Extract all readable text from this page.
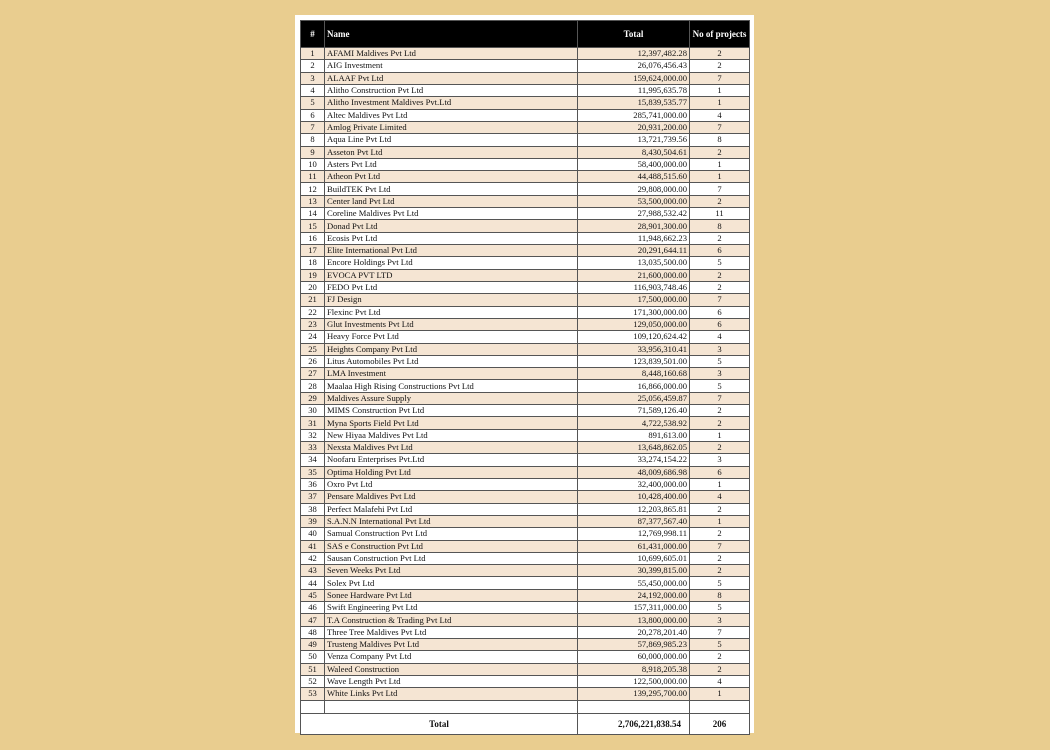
#	Name	Total	No of projects
1	AFAMI Maldives Pvt Ltd	12,397,482.28	2
2	AIG Investment	26,076,456.43	2
3	ALAAF Pvt Ltd	159,624,000.00	7
4	Alitho Construction Pvt Ltd	11,995,635.78	1
5	Alitho Investment Maldives Pvt.Ltd	15,839,535.77	1
6	Altec Maldives Pvt Ltd	285,741,000.00	4
7	Amlog Private Limited	20,931,200.00	7
8	Aqua Line Pvt Ltd	13,721,739.56	8
9	Asseton Pvt Ltd	8,430,504.61	2
10	Asters Pvt Ltd	58,400,000.00	1
11	Atheon Pvt Ltd	44,488,515.60	1
12	BuildTEK Pvt Ltd	29,808,000.00	7
13	Center land Pvt Ltd	53,500,000.00	2
14	Coreline Maldives Pvt Ltd	27,988,532.42	11
15	Donad Pvt Ltd	28,901,300.00	8
16	Ecosis Pvt Ltd	11,948,662.23	2
17	Elite International Pvt Ltd	20,291,644.11	6
18	Encore Holdings Pvt Ltd	13,035,500.00	5
19	EVOCA PVT LTD	21,600,000.00	2
20	FEDO Pvt Ltd	116,903,748.46	2
21	FJ Design	17,500,000.00	7
22	Flexinc Pvt Ltd	171,300,000.00	6
23	Glut Investments Pvt Ltd	129,050,000.00	6
24	Heavy Force Pvt Ltd	109,120,624.42	4
25	Heights Company Pvt Ltd	33,956,310.41	3
26	Litus Automobiles Pvt Ltd	123,839,501.00	5
27	LMA Investment	8,448,160.68	3
28	Maalaa High Rising Constructions Pvt Ltd	16,866,000.00	5
29	Maldives Assure Supply	25,056,459.87	7
30	MIMS Construction Pvt Ltd	71,589,126.40	2
31	Myna Sports Field Pvt Ltd	4,722,538.92	2
32	New Hiyaa Maldives Pvt Ltd	891,613.00	1
33	Nexsta Maldives Pvt Ltd	13,648,862.05	2
34	Noofaru Enterprises Pvt.Ltd	33,274,154.22	3
35	Optima Holding Pvt Ltd	48,009,686.98	6
36	Oxro Pvt Ltd	32,400,000.00	1
37	Pensare Maldives Pvt Ltd	10,428,400.00	4
38	Perfect Malafehi Pvt Ltd	12,203,865.81	2
39	S.A.N.N International Pvt Ltd	87,377,567.40	1
40	Samual Construction Pvt Ltd	12,769,998.11	2
41	SAS e Construction Pvt Ltd	61,431,000.00	7
42	Sausan Construction Pvt Ltd	10,699,605.01	2
43	Seven Weeks Pvt Ltd	30,399,815.00	2
44	Solex Pvt Ltd	55,450,000.00	5
45	Sonee Hardware Pvt Ltd	24,192,000.00	8
46	Swift Engineering Pvt Ltd	157,311,000.00	5
47	T.A Construction & Trading Pvt Ltd	13,800,000.00	3
48	Three Tree Maldives Pvt Ltd	20,278,201.40	7
49	Trusteng Maldives Pvt Ltd	57,869,985.23	5
50	Venza Company Pvt Ltd	60,000,000.00	2
51	Waleed Construction	8,918,205.38	2
52	Wave Length Pvt Ltd	122,500,000.00	4
53	White Links Pvt Ltd	139,295,700.00	1

Total		2,706,221,838.54	206
